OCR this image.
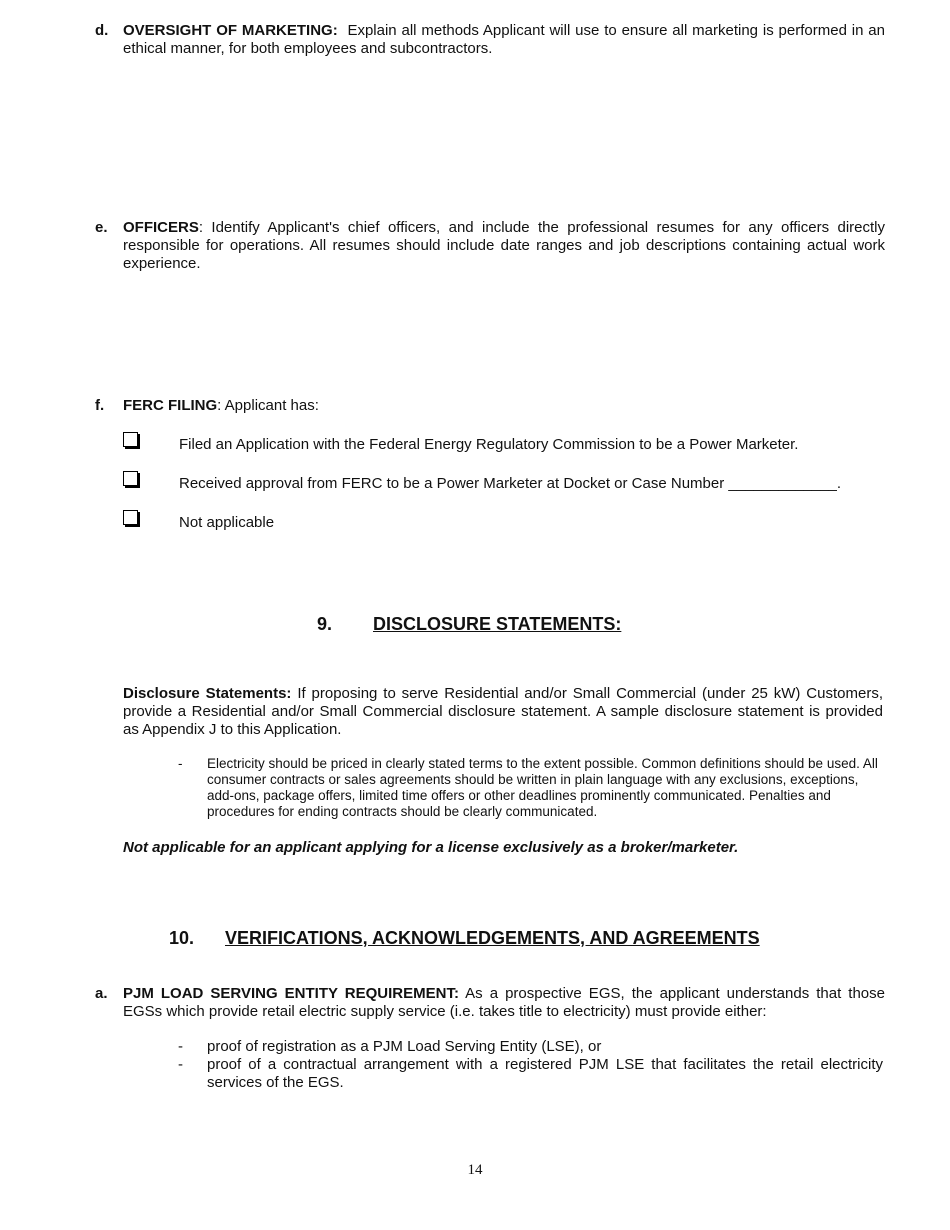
d. OVERSIGHT OF MARKETING: Explain all methods Applicant will use to ensure all marketing is performed in an ethical manner, for both employees and subcontractors.
e. OFFICERS: Identify Applicant's chief officers, and include the professional resumes for any officers directly responsible for operations. All resumes should include date ranges and job descriptions containing actual work experience.
f. FERC FILING: Applicant has:
Filed an Application with the Federal Energy Regulatory Commission to be a Power Marketer.
Received approval from FERC to be a Power Marketer at Docket or Case Number _____________.
Not applicable
9. DISCLOSURE STATEMENTS:
Disclosure Statements: If proposing to serve Residential and/or Small Commercial (under 25 kW) Customers, provide a Residential and/or Small Commercial disclosure statement. A sample disclosure statement is provided as Appendix J to this Application.
- Electricity should be priced in clearly stated terms to the extent possible. Common definitions should be used. All consumer contracts or sales agreements should be written in plain language with any exclusions, exceptions, add-ons, package offers, limited time offers or other deadlines prominently communicated. Penalties and procedures for ending contracts should be clearly communicated.
Not applicable for an applicant applying for a license exclusively as a broker/marketer.
10. VERIFICATIONS, ACKNOWLEDGEMENTS, AND AGREEMENTS
a. PJM LOAD SERVING ENTITY REQUIREMENT: As a prospective EGS, the applicant understands that those EGSs which provide retail electric supply service (i.e. takes title to electricity) must provide either:
- proof of registration as a PJM Load Serving Entity (LSE), or
- proof of a contractual arrangement with a registered PJM LSE that facilitates the retail electricity services of the EGS.
14
